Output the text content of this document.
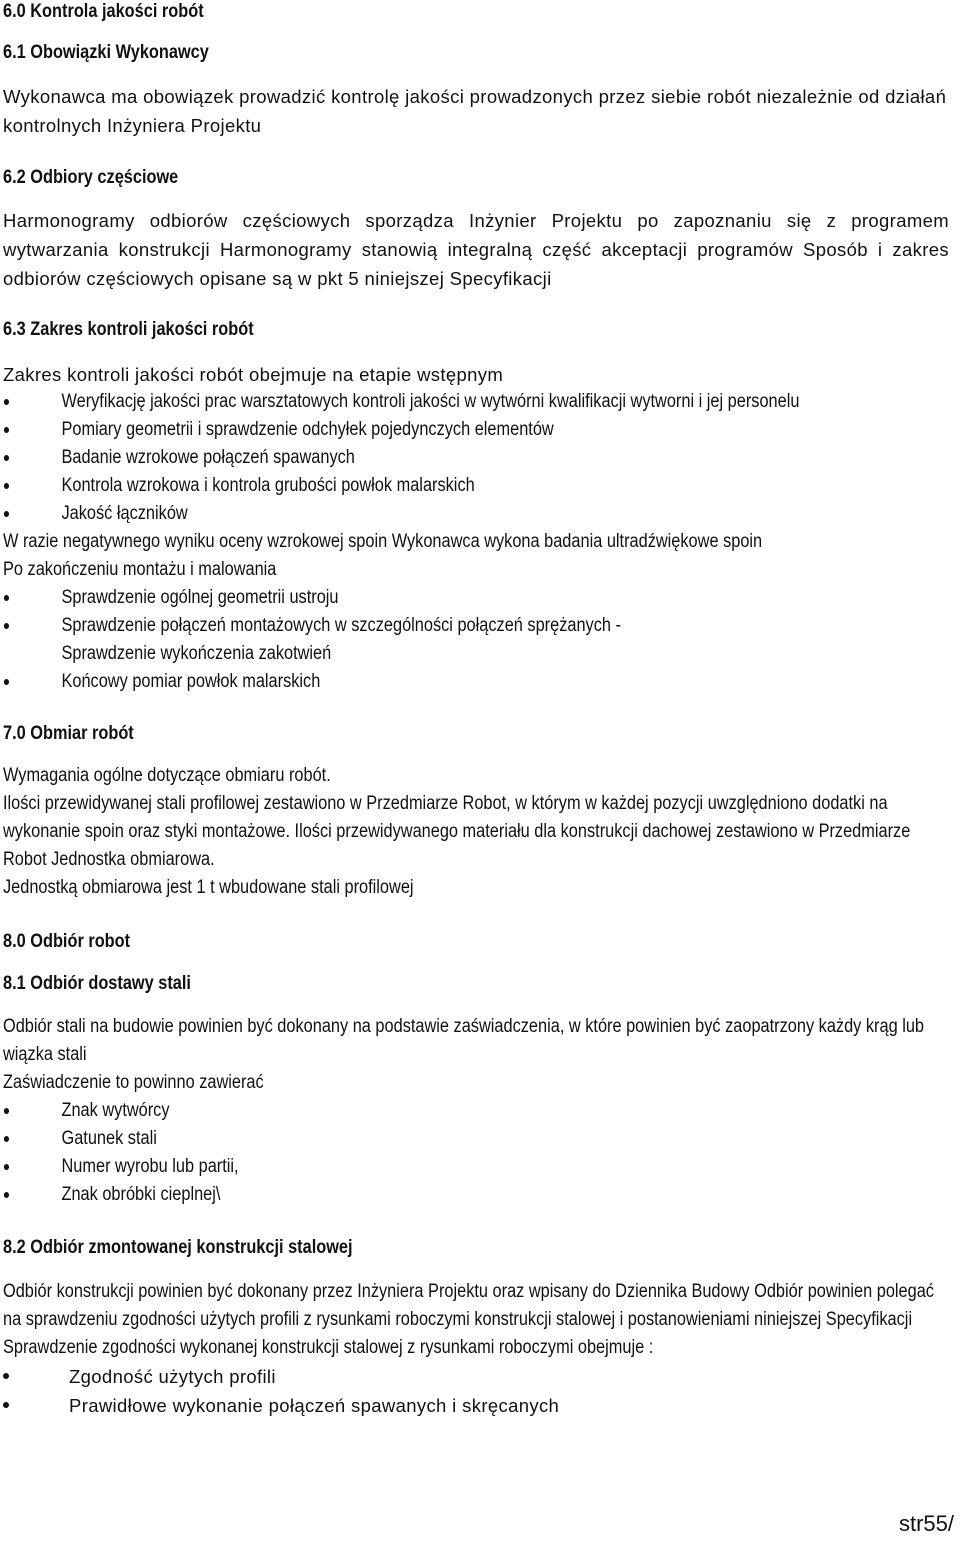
6.0 Kontrola jakości robót
6.1 Obowiązki Wykonawcy
Wykonawca ma obowiązek prowadzić kontrolę jakości prowadzonych przez siebie robót niezależnie od działań kontrolnych Inżyniera Projektu
6.2 Odbiory częściowe
Harmonogramy odbiorów częściowych sporządza Inżynier Projektu po zapoznaniu się z programem wytwarzania konstrukcji Harmonogramy stanowią integralną część akceptacji programów Sposób i zakres odbiorów częściowych opisane są w pkt 5 niniejszej Specyfikacji
6.3 Zakres kontroli jakości robót
Zakres kontroli jakości robót obejmuje na etapie wstępnym
Weryfikację jakości prac warsztatowych kontroli jakości w wytwórni kwalifikacji wytworni i jej personelu
Pomiary geometrii i sprawdzenie odchyłek pojedynczych elementów
Badanie wzrokowe połączeń spawanych
Kontrola wzrokowa i kontrola grubości powłok malarskich
Jakość łączników
W razie negatywnego wyniku oceny wzrokowej spoin Wykonawca wykona badania ultradźwiękowe spoin
Po zakończeniu montażu i malowania
Sprawdzenie ogólnej geometrii ustroju
Sprawdzenie połączeń montażowych w szczególności połączeń sprężanych - Sprawdzenie wykończenia zakotwień
Końcowy pomiar powłok malarskich
7.0 Obmiar robót
Wymagania ogólne dotyczące obmiaru robót.
Ilości przewidywanej stali profilowej zestawiono w Przedmiarze Robot, w którym w każdej pozycji uwzględniono dodatki na wykonanie spoin oraz styki montażowe. Ilości przewidywanego materiału dla konstrukcji dachowej zestawiono w Przedmiarze Robot Jednostka obmiarowa.
Jednostką obmiarowa jest 1 t wbudowane stali profilowej
8.0 Odbiór robot
8.1 Odbiór dostawy stali
Odbiór stali na budowie powinien być dokonany na podstawie zaświadczenia, w które powinien być zaopatrzony każdy krąg lub wiązka stali
Zaświadczenie to powinno zawierać
Znak wytwórcy
Gatunek stali
Numer wyrobu lub partii,
Znak obróbki cieplnej\
8.2 Odbiór zmontowanej konstrukcji stalowej
Odbiór konstrukcji powinien być dokonany przez Inżyniera Projektu oraz wpisany do Dziennika Budowy Odbiór powinien polegać na sprawdzeniu zgodności użytych profili z rysunkami roboczymi konstrukcji stalowej i postanowieniami niniejszej Specyfikacji Sprawdzenie zgodności wykonanej konstrukcji stalowej z rysunkami roboczymi obejmuje :
Zgodność użytych profili
Prawidłowe wykonanie połączeń spawanych i skręcanych
str55/
